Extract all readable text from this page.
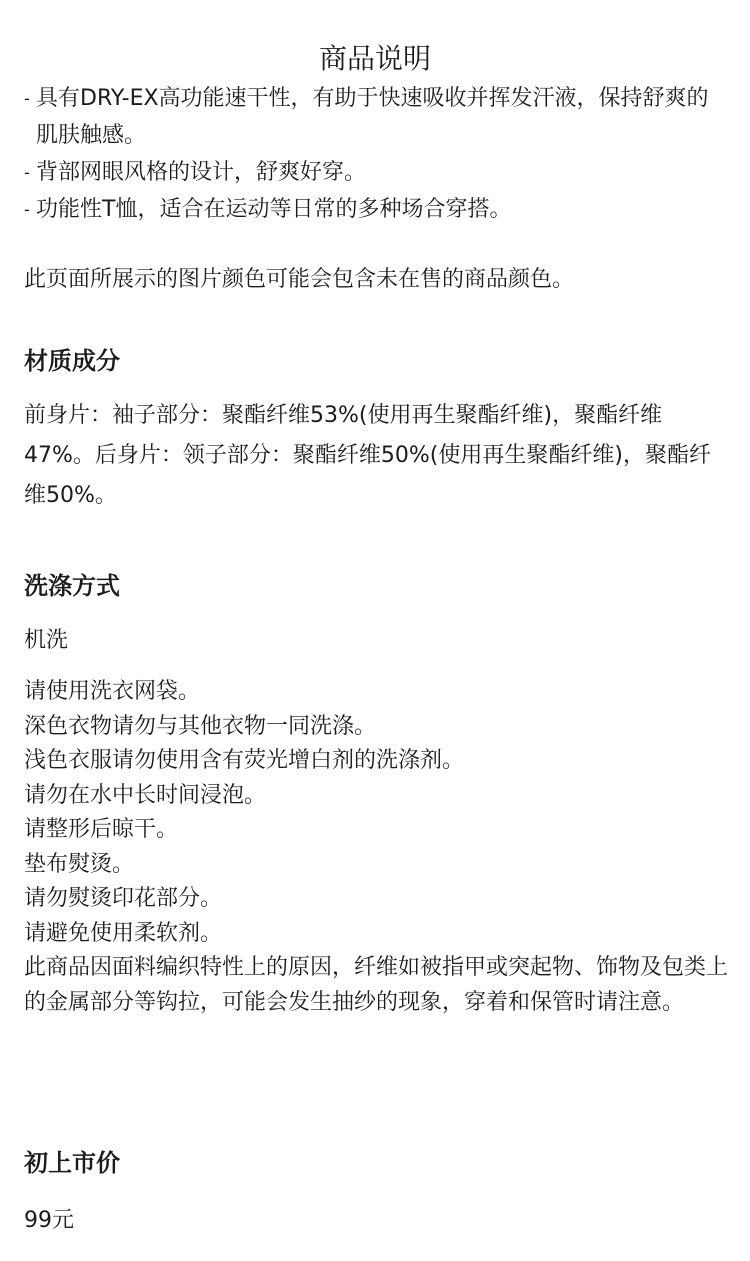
商品说明
- 具有DRY-EX高功能速干性，有助于快速吸收并挥发汗液，保持舒爽的肌肤触感。
- 背部网眼风格的设计，舒爽好穿。
- 功能性T恤，适合在运动等日常的多种场合穿搭。

此页面所展示的图片颜色可能会包含未在售的商品颜色。

材质成分

前身片：袖子部分：聚酯纤维53%(使用再生聚酯纤维)，聚酯纤维47%。后身片：领子部分：聚酯纤维50%(使用再生聚酯纤维)，聚酯纤维50%。

洗涤方式

机洗

请使用洗衣网袋。
深色衣物请勿与其他衣物一同洗涤。
浅色衣服请勿使用含有荧光增白剂的洗涤剂。
请勿在水中长时间浸泡。
请整形后晾干。
垫布熨烫。
请勿熨烫印花部分。
请避免使用柔软剂。
此商品因面料编织特性上的原因，纤维如被指甲或突起物、饰物及包类上的金属部分等钩拉，可能会发生抽纱的现象，穿着和保管时请注意。
初上市价

99元
